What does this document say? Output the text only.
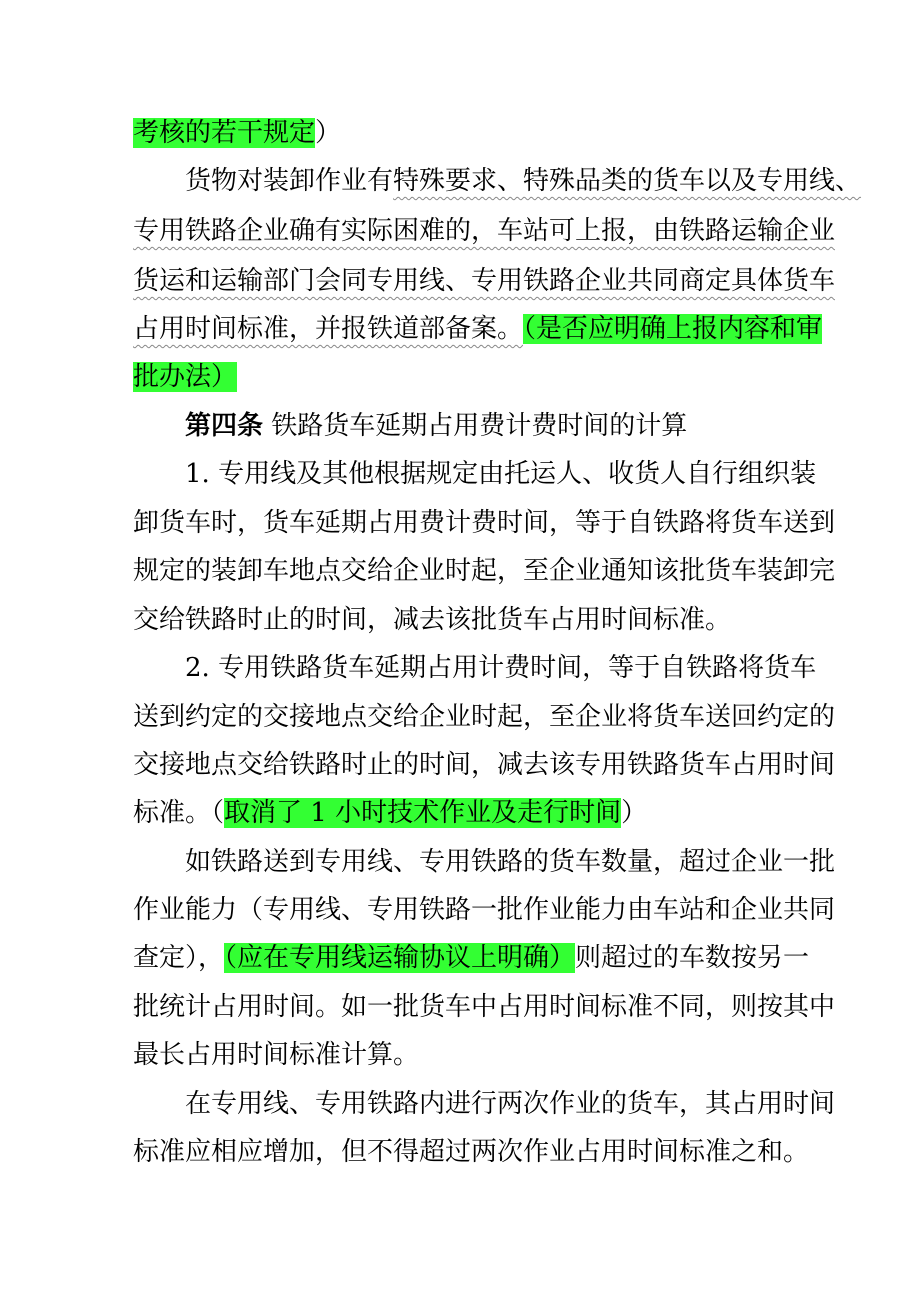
考核的若干规定）
货物对装卸作业有特殊要求、特殊品类的货车以及专用线、
专用铁路企业确有实际困难的，车站可上报，由铁路运输企业
货运和运输部门会同专用线、专用铁路企业共同商定具体货车
占用时间标准，并报铁道部备案。（是否应明确上报内容和审
批办法）
第四条 铁路货车延期占用费计费时间的计算
1. 专用线及其他根据规定由托运人、收货人自行组织装
卸货车时，货车延期占用费计费时间，等于自铁路将货车送到
规定的装卸车地点交给企业时起，至企业通知该批货车装卸完
交给铁路时止的时间，减去该批货车占用时间标准。
2. 专用铁路货车延期占用计费时间，等于自铁路将货车
送到约定的交接地点交给企业时起，至企业将货车送回约定的
交接地点交给铁路时止的时间，减去该专用铁路货车占用时间
标准。（取消了 1 小时技术作业及走行时间）
如铁路送到专用线、专用铁路的货车数量，超过企业一批
作业能力（专用线、专用铁路一批作业能力由车站和企业共同
查定），（应在专用线运输协议上明确）则超过的车数按另一
批统计占用时间。如一批货车中占用时间标准不同，则按其中
最长占用时间标准计算。
在专用线、专用铁路内进行两次作业的货车，其占用时间
标准应相应增加，但不得超过两次作业占用时间标准之和。
